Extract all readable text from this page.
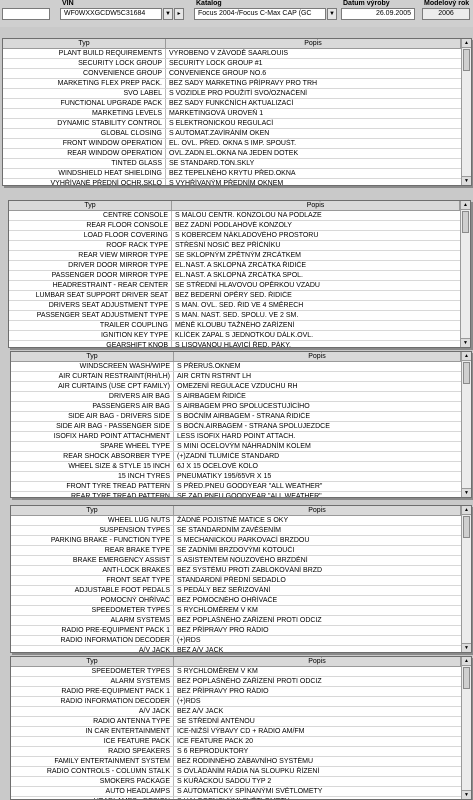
VIN
WF0WXXGCDW5C31684	▼	▸
Katalog
Focus 2004-/Focus C-Max CAP (GC	▼
Datum výroby
26.09.2005
Modelový rok
2006
Typ	Popis
PLANT BUILD REQUIREMENTS	VYROBENO V ZÁVODĚ SAARLOUIS
SECURITY LOCK GROUP	SECURITY LOCK GROUP #1
CONVENIENCE GROUP	CONVENIENCE GROUP NO.6
MARKETING FLEX PREP PACK.	BEZ SADY MARKETING PŘÍPRAVY PRO TRH
SVO LABEL	S VOZIDLE PRO POUŽITÍ SVO/OZNAČENÍ
FUNCTIONAL UPGRADE PACK	BEZ SADY FUNKČNÍCH AKTUALIZACÍ
MARKETING LEVELS	MARKETINGOVÁ ÚROVEŇ 1
DYNAMIC STABILITY CONTROL	S ELEKTRONICKOU REGULACÍ
GLOBAL CLOSING	S AUTOMAT.ZAVÍRÁNÍM OKEN
FRONT WINDOW OPERATION	EL. OVL. PŘED. OKNA S IMP. SPOUŠT.
REAR WINDOW OPERATION	OVL.ZADN.EL.OKNA NA JEDEN DOTEK
TINTED GLASS	SE STANDARD.TÓN.SKLY
WINDSHIELD HEAT SHIELDING	BEZ TEPELNÉHO KRYTU PŘED.OKNA
VYHŘÍVANÉ PŘEDNÍ OCHR.SKLO	S VYHŘÍVANÝM PŘEDNÍM OKNEM
▲
▼
Typ	Popis
CENTRE CONSOLE	S MALOU CENTR. KONZOLOU NA PODLAZE
REAR FLOOR CONSOLE	BEZ ZADNÍ PODLAHOVÉ KONZOLY
LOAD FLOOR COVERING	S KOBERCEM NÁKLADOVÉHO PROSTORU
ROOF RACK TYPE	STŘEŠNÍ NOSIČ BEZ PŘÍČNÍKU
REAR VIEW MIRROR TYPE	SE SKLOPNÝM ZPĚTNÝM ZRCÁTKEM
DRIVER DOOR MIRROR TYPE	EL.NAST. A SKLOPNÁ ZRCÁTKA ŘIDIČE
PASSENGER DOOR MIRROR TYPE	EL.NAST. A SKLOPNÁ ZRCÁTKA SPOL.
HEADRESTRAINT - REAR CENTER	SE STŘEDNÍ HLAVOVOU OPĚRKOU VZADU
LUMBAR SEAT SUPPORT DRIVER SEAT	BEZ BEDERNÍ OPĚRY SED. ŘIDIČE
DRIVERS SEAT ADJUSTMENT TYPE	S MAN. OVL. SED. ŘID VE 4 SMĚRECH
PASSENGER SEAT ADJUSTMENT TYPE	S MAN. NAST. SED. SPOLU. VE 2 SM.
TRAILER COUPLING	MÉNĚ KLOUBU TAŽNÉHO ZAŘÍZENÍ
IGNITION KEY TYPE	KLÍČEK ZAPAL S JEDNOTKOU DÁLK.OVL.
GEARSHIFT KNOB	S LISOVANOU HLAVICÍ ŘED. PÁKY.
▲
▼
Typ	Popis
WINDSCREEN WASH/WIPE	S PŘERUŠ.OKNEM
AIR CURTAIN RESTRAINT(RH/LH)	AIR CRTN RSTRNT LH
AIR CURTAINS (USE CPT FAMILY)	OMEZENÍ REGULACE VZDUCHU RH
DRIVERS AIR BAG	S AIRBAGEM ŘIDIČE
PASSENGERS AIR BAG	S AIRBAGEM PRO SPOLUCESTUJÍCÍHO
SIDE AIR BAG - DRIVERS SIDE	S BOČNÍM AIRBAGEM - STRANA ŘIDIČE
SIDE AIR BAG - PASSENGER SIDE	S BOČN.AIRBAGEM - STRANA SPOLUJEZDCE
ISOFIX HARD POINT ATTACHMENT	LESS ISOFIX HARD POINT ATTACH.
SPARE WHEEL TYPE	S MINI OCELOVÝM NÁHRADNÍM KOLEM
REAR SHOCK ABSORBER TYPE	(+)ZADNÍ TLUMIČE STANDARD
WHEEL SIZE & STYLE 15 INCH	6J X 15 OCELOVÉ KOLO
15 INCH TYRES	PNEUMATIKY 195/65VR X 15
FRONT TYRE TREAD PATTERN	S PŘED.PNEU GOODYEAR "ALL WEATHER"
REAR TYRE TREAD PATTERN	SE ZAD.PNEU GOODYEAR "ALL WEATHER"
▲
▼
Typ	Popis
WHEEL LUG NUTS	ŽÁDNÉ POJISTNÉ MATICE S OKY
SUSPENSION TYPES	SE STANDARDNÍM ZAVĚŠENÍM
PARKING BRAKE - FUNCTION TYPE	S MECHANICKOU PARKOVACÍ BRZDOU
REAR BRAKE TYPE	SE ZADNÍMI BRZDOVÝMI KOTOUČI
BRAKE EMERGENCY ASSIST	S ASISTENTEM NOUZOVÉHO BRZDĚNÍ
ANTI-LOCK BRAKES	BEZ SYSTÉMU PROTI ZABLOKOVÁNÍ BRZD
FRONT SEAT TYPE	STANDARDNÍ PŘEDNÍ SEDADLO
ADJUSTABLE FOOT PEDALS	S PEDÁLY BEZ SEŘIZOVÁNÍ
POMOCNÝ OHŘÍVAČ	BEZ POMOCNÉHO OHŘÍVAČE
SPEEDOMETER TYPES	S RYCHLOMĚREM V KM
ALARM SYSTEMS	BEZ POPLAŠNÉHO ZAŘÍZENÍ PROTI ODCIZ
RADIO PRE-EQUIPMENT PACK 1	BEZ PŘÍPRAVY PRO RÁDIO
RADIO INFORMATION DECODER	(+)RDS
A/V JACK	BEZ A/V JACK
▲
▼
Typ	Popis
SPEEDOMETER TYPES	S RYCHLOMĚREM V KM
ALARM SYSTEMS	BEZ POPLAŠNÉHO ZAŘÍZENÍ PROTI ODCIZ
RADIO PRE-EQUIPMENT PACK 1	BEZ PŘÍPRAVY PRO RÁDIO
RADIO INFORMATION DECODER	(+)RDS
A/V JACK	BEZ A/V JACK
RADIO ANTENNA TYPE	SE STŘEDNÍ ANTÉNOU
IN CAR ENTERTAINMENT	ICE-NIŽŠÍ VÝBAVY CD + RÁDIO AM/FM
ICE FEATURE PACK	ICE FEATURE PACK 20
RADIO SPEAKERS	S 6 REPRODUKTORY
FAMILY ENTERTAINMENT SYSTEM	BEZ RODINNÉHO ZÁBAVNÍHO SYSTÉMU
RADIO CONTROLS - COLUMN STALK	S OVLÁDÁNÍM RÁDIA NA SLOUPKU ŘÍZENÍ
SMOKERS PACKAGE	S KUŘÁCKOU SADOU TYP 2
AUTO HEADLAMPS	S AUTOMATICKY SPÍNANÝMI SVĚTLOMETY
▲
▼
